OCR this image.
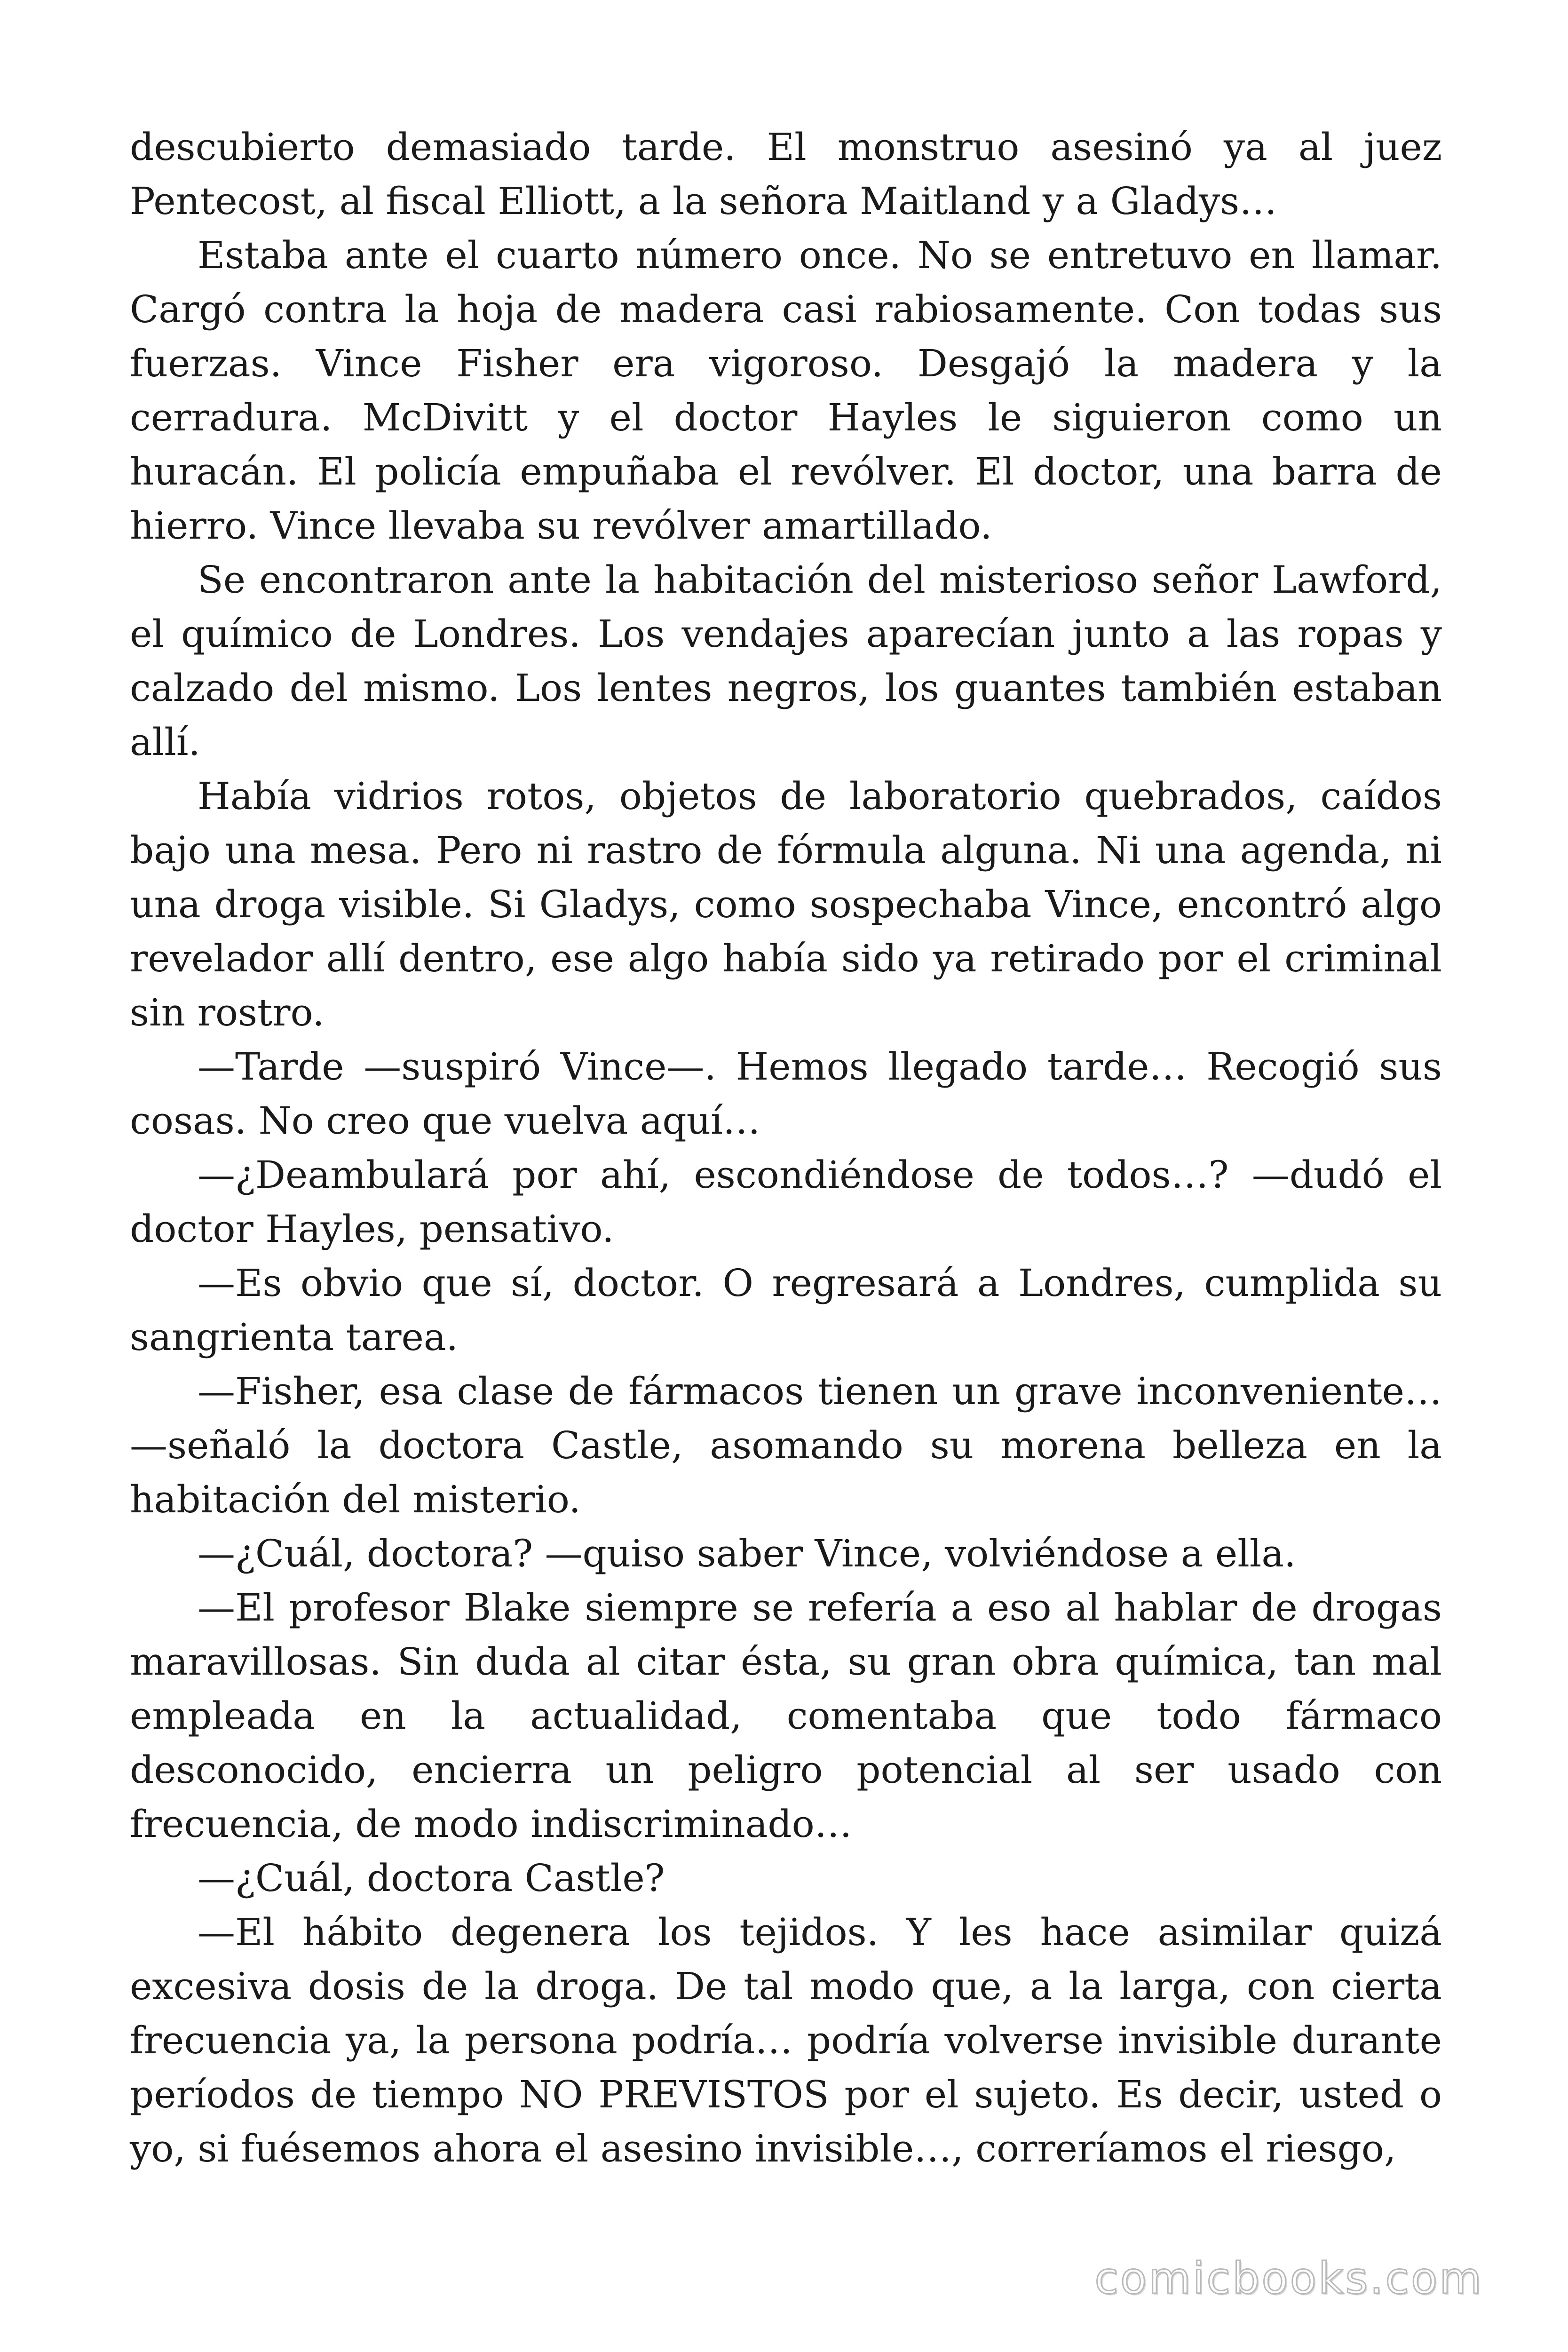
descubierto demasiado tarde. El monstruo asesinó ya al juez Pentecost, al fiscal Elliott, a la señora Maitland y a Gladys…

Estaba ante el cuarto número once. No se entretuvo en llamar. Cargó contra la hoja de madera casi rabiosamente. Con todas sus fuerzas. Vince Fisher era vigoroso. Desgajó la madera y la cerradura. McDivitt y el doctor Hayles le siguieron como un huracán. El policía empuñaba el revólver. El doctor, una barra de hierro. Vince llevaba su revólver amartillado.

Se encontraron ante la habitación del misterioso señor Lawford, el químico de Londres. Los vendajes aparecían junto a las ropas y calzado del mismo. Los lentes negros, los guantes también estaban allí.

Había vidrios rotos, objetos de laboratorio quebrados, caídos bajo una mesa. Pero ni rastro de fórmula alguna. Ni una agenda, ni una droga visible. Si Gladys, como sospechaba Vince, encontró algo revelador allí dentro, ese algo había sido ya retirado por el criminal sin rostro.

—Tarde —suspiró Vince—. Hemos llegado tarde… Recogió sus cosas. No creo que vuelva aquí…

—¿Deambulará por ahí, escondiéndose de todos…? —dudó el doctor Hayles, pensativo.

—Es obvio que sí, doctor. O regresará a Londres, cumplida su sangrienta tarea.

—Fisher, esa clase de fármacos tienen un grave inconveniente… —señaló la doctora Castle, asomando su morena belleza en la habitación del misterio.

—¿Cuál, doctora? —quiso saber Vince, volviéndose a ella.

—El profesor Blake siempre se refería a eso al hablar de drogas maravillosas. Sin duda al citar ésta, su gran obra química, tan mal empleada en la actualidad, comentaba que todo fármaco desconocido, encierra un peligro potencial al ser usado con frecuencia, de modo indiscriminado…

—¿Cuál, doctora Castle?

—El hábito degenera los tejidos. Y les hace asimilar quizá excesiva dosis de la droga. De tal modo que, a la larga, con cierta frecuencia ya, la persona podría… podría volverse invisible durante períodos de tiempo NO PREVISTOS por el sujeto. Es decir, usted o yo, si fuésemos ahora el asesino invisible…, correríamos el riesgo,

comicbooks.com
